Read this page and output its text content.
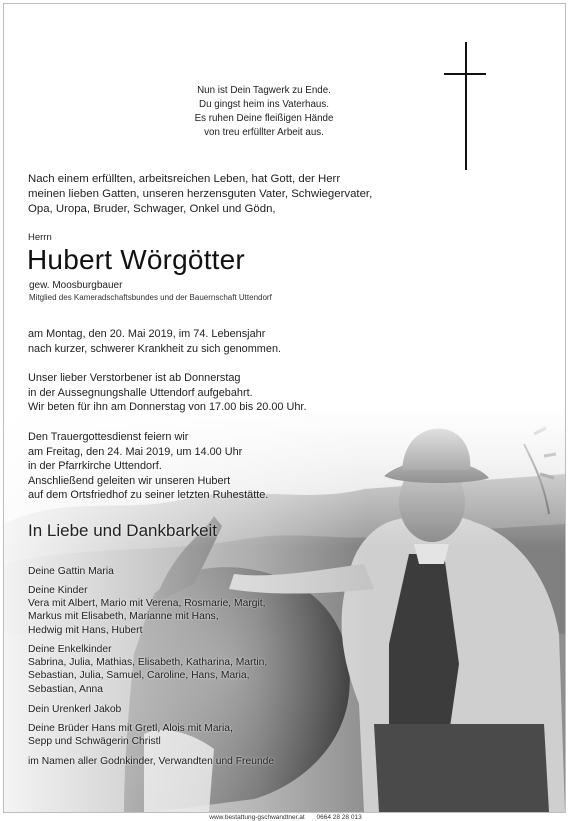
Nun ist Dein Tagwerk zu Ende.
Du gingst heim ins Vaterhaus.
Es ruhen Deine fleißigen Hände
von treu erfüllter Arbeit aus.
Nach einem erfüllten, arbeitsreichen Leben, hat Gott, der Herr
meinen lieben Gatten, unseren herzensguten Vater, Schwiegervater,
Opa, Uropa, Bruder, Schwager, Onkel und Gödn,
Herrn
Hubert Wörgötter
gew. Moosburgbauer
Mitglied des Kameradschaftsbundes und der Bauernschaft Uttendorf
am Montag, den 20. Mai 2019, im 74. Lebensjahr
nach kurzer, schwerer Krankheit zu sich genommen.
Unser lieber Verstorbener ist ab Donnerstag
in der Aussegnungshalle Uttendorf aufgebahrt.
Wir beten für ihn am Donnerstag von 17.00 bis 20.00 Uhr.
Den Trauergottesdienst feiern wir
am Freitag, den 24. Mai 2019, um 14.00 Uhr
in der Pfarrkirche Uttendorf.
Anschließend geleiten wir unseren Hubert
auf dem Ortsfriedhof zu seiner letzten Ruhestätte.
In Liebe und Dankbarkeit
Deine Gattin Maria
Deine Kinder
Vera mit Albert, Mario mit Verena, Rosmarie, Margit,
Markus mit Elisabeth, Marianne mit Hans,
Hedwig mit Hans, Hubert
Deine Enkelkinder
Sabrina, Julia, Mathias, Elisabeth, Katharina, Martin,
Sebastian, Julia, Samuel, Caroline, Hans, Maria,
Sebastian, Anna
Dein Urenkerl Jakob
Deine Brüder Hans mit Gretl, Alois mit Maria,
Sepp und Schwägerin Christl
im Namen aller Godnkinder, Verwandten und Freunde
www.bestattung-gschwandtner.at 0664 28 28 013
